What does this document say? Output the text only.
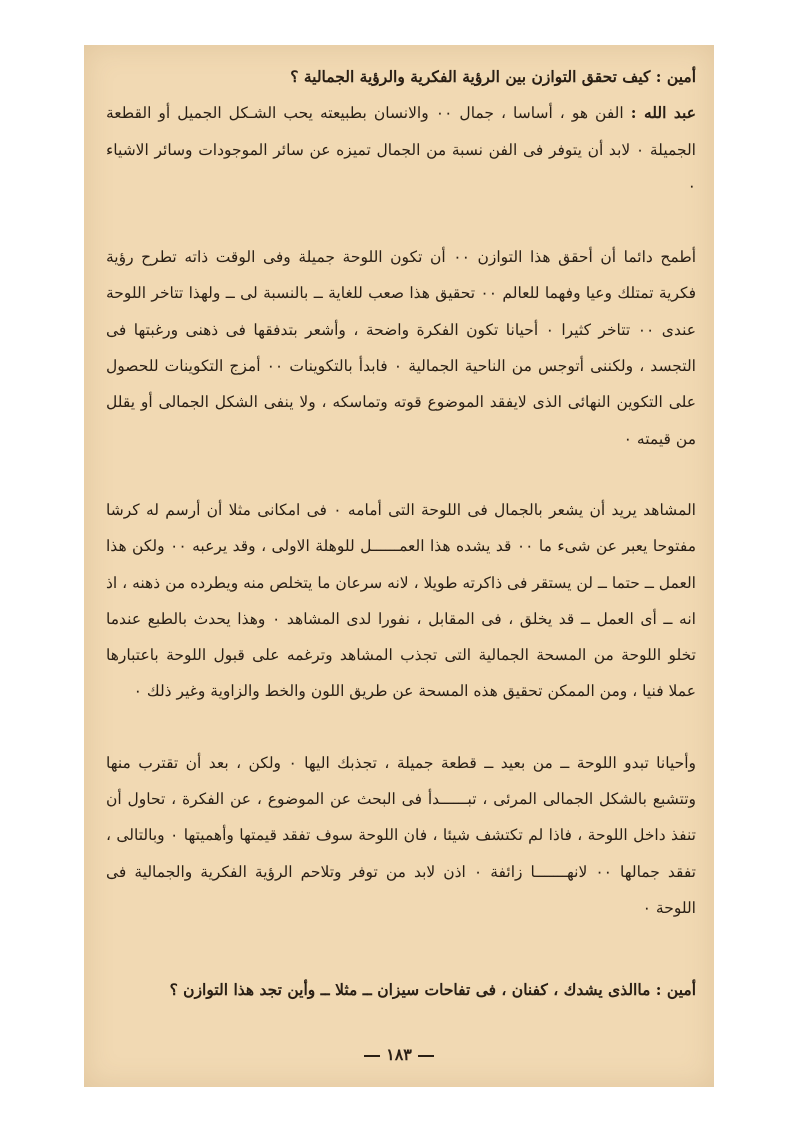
أمين : كيف تحقق التوازن بين الرؤية الفكرية والرؤية الجمالية ؟

عبد الله : الفن هو ، أساسا ، جمال ٠٠ والانسان بطبيعته يحب الشـكل الجميل أو القطعة الجميلة ٠ لابد أن يتوفر فى الفن نسبة من الجمال تميزه عن سائر الموجودات وسائر الاشياء ٠

أطمح دائما أن أحقق هذا التوازن ٠٠ أن تكون اللوحة جميلة وفى الوقت ذاته تطرح رؤية فكرية تمتلك وعيا وفهما للعالم ٠٠ تحقيق هذا صعب للغاية ــ بالنسبة لى ــ ولهذا تتاخر اللوحة عندى ٠٠ تتاخر كثيرا ٠ أحيانا تكون الفكرة واضحة ، وأشعر بتدفقها فى ذهنى ورغبتها فى التجسد ، ولكننى أتوجس من الناحية الجمالية ٠ فابدأ بالتكوينات ٠٠ أمزج التكوينات للحصول على التكوين النهائى الذى لايفقد الموضوع قوته وتماسكه ، ولا ينفى الشكل الجمالى أو يقلل من قيمته ٠

المشاهد يريد أن يشعر بالجمال فى اللوحة التى أمامه ٠ فى امكانى مثلا أن أرسم له كرشا مفتوحا يعبر عن شىء ما ٠٠ قد يشده هذا العمــــــل للوهلة الاولى ، وقد يرعبه ٠٠ ولكن هذا العمل ــ حتما ــ لن يستقر فى ذاكرته طويلا ، لانه سرعان ما يتخلص منه ويطرده من ذهنه ، اذ انه ــ أى العمل ــ قد يخلق ، فى المقابل ، نفورا لدى المشاهد ٠ وهذا يحدث بالطبع عندما تخلو اللوحة من المسحة الجمالية التى تجذب المشاهد وترغمه على قبول اللوحة باعتبارها عملا فنيا ، ومن الممكن تحقيق هذه المسحة عن طريق اللون والخط والزاوية وغير ذلك ٠

وأحيانا تبدو اللوحة ــ من بعيد ــ قطعة جميلة ، تجذبك اليها ٠ ولكن ، بعد أن تقترب منها وتتشبع بالشكل الجمالى المرئى ، تبــــــدأ فى البحث عن الموضوع ، عن الفكرة ، تحاول أن تنفذ داخل اللوحة ، فاذا لم تكتشف شيئا ، فان اللوحة سوف تفقد قيمتها وأهميتها ٠ وبالتالى ، تفقد جمالها ٠٠ لانهـــــــا زائفة ٠ اذن لابد من توفر وتلاحم الرؤية الفكرية والجمالية فى اللوحة ٠

أمين : ماالذى يشدك ، كفنان ، فى تفاحات سيزان ــ مثلا ــ وأين تجد هذا التوازن ؟

١٨٣
